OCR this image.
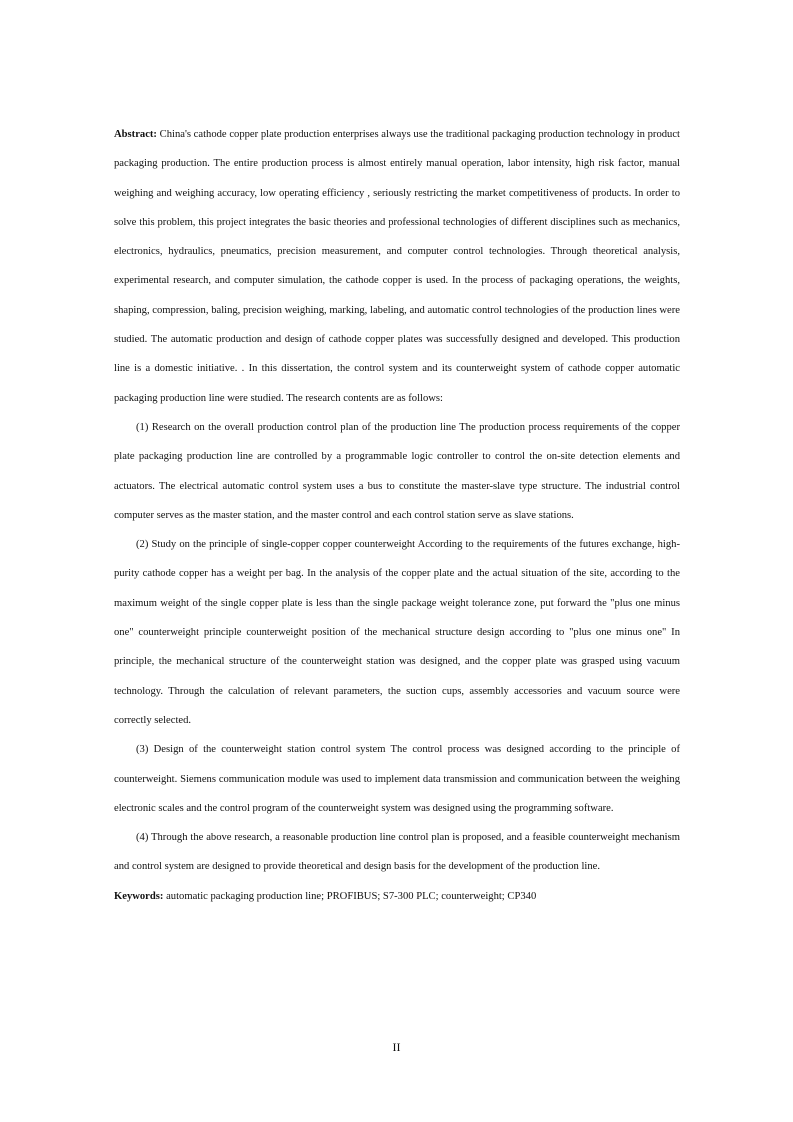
Abstract: China's cathode copper plate production enterprises always use the traditional packaging production technology in product packaging production. The entire production process is almost entirely manual operation, labor intensity, high risk factor, manual weighing and weighing accuracy, low operating efficiency , seriously restricting the market competitiveness of products. In order to solve this problem, this project integrates the basic theories and professional technologies of different disciplines such as mechanics, electronics, hydraulics, pneumatics, precision measurement, and computer control technologies. Through theoretical analysis, experimental research, and computer simulation, the cathode copper is used. In the process of packaging operations, the weights, shaping, compression, baling, precision weighing, marking, labeling, and automatic control technologies of the production lines were studied. The automatic production and design of cathode copper plates was successfully designed and developed. This production line is a domestic initiative. . In this dissertation, the control system and its counterweight system of cathode copper automatic packaging production line were studied. The research contents are as follows:

(1) Research on the overall production control plan of the production line The production process requirements of the copper plate packaging production line are controlled by a programmable logic controller to control the on-site detection elements and actuators. The electrical automatic control system uses a bus to constitute the master-slave type structure. The industrial control computer serves as the master station, and the master control and each control station serve as slave stations.

(2) Study on the principle of single-copper copper counterweight According to the requirements of the futures exchange, high-purity cathode copper has a weight per bag. In the analysis of the copper plate and the actual situation of the site, according to the maximum weight of the single copper plate is less than the single package weight tolerance zone, put forward the "plus one minus one" counterweight principle counterweight position of the mechanical structure design according to "plus one minus one" In principle, the mechanical structure of the counterweight station was designed, and the copper plate was grasped using vacuum technology. Through the calculation of relevant parameters, the suction cups, assembly accessories and vacuum source were correctly selected.

(3) Design of the counterweight station control system The control process was designed according to the principle of counterweight. Siemens communication module was used to implement data transmission and communication between the weighing electronic scales and the control program of the counterweight system was designed using the programming software.

(4) Through the above research, a reasonable production line control plan is proposed, and a feasible counterweight mechanism and control system are designed to provide theoretical and design basis for the development of the production line.

Keywords: automatic packaging production line; PROFIBUS; S7-300 PLC; counterweight; CP340

II
